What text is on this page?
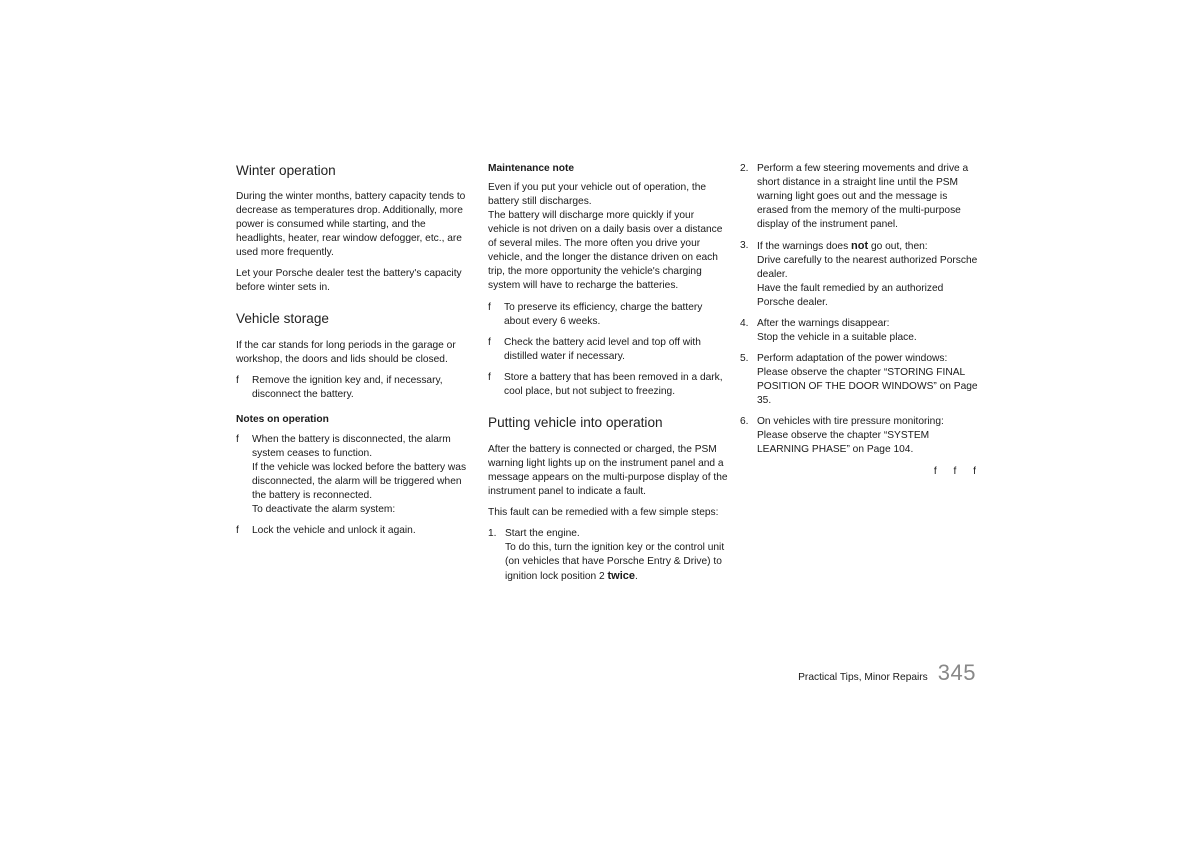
Winter operation

During the winter months, battery capacity tends to decrease as temperatures drop. Additionally, more power is consumed while starting, and the headlights, heater, rear window defogger, etc., are used more frequently.

Let your Porsche dealer test the battery's capacity before winter sets in.

Vehicle storage

If the car stands for long periods in the garage or workshop, the doors and lids should be closed.

f Remove the ignition key and, if necessary, disconnect the battery.
Notes on operation
f When the battery is disconnected, the alarm system ceases to function.
If the vehicle was locked before the battery was disconnected, the alarm will be triggered when the battery is reconnected.
To deactivate the alarm system:
f Lock the vehicle and unlock it again.
Maintenance note
Even if you put your vehicle out of operation, the battery still discharges.
The battery will discharge more quickly if your vehicle is not driven on a daily basis over a distance of several miles. The more often you drive your vehicle, and the longer the distance driven on each trip, the more opportunity the vehicle's charging system will have to recharge the batteries.
f To preserve its efficiency, charge the battery about every 6 weeks.
f Check the battery acid level and top off with distilled water if necessary.
f Store a battery that has been removed in a dark, cool place, but not subject to freezing.
Putting vehicle into operation

After the battery is connected or charged, the PSM warning light lights up on the instrument panel and a message appears on the multi-purpose display of the instrument panel to indicate a fault.

This fault can be remedied with a few simple steps:

1. Start the engine.
To do this, turn the ignition key or the control unit (on vehicles that have Porsche Entry & Drive) to ignition lock position 2 twice.
2. Perform a few steering movements and drive a short distance in a straight line until the PSM warning light goes out and the message is erased from the memory of the multi-purpose display of the instrument panel.
3. If the warnings does not go out, then:
Drive carefully to the nearest authorized Porsche dealer.
Have the fault remedied by an authorized Porsche dealer.
4. After the warnings disappear:
Stop the vehicle in a suitable place.
5. Perform adaptation of the power windows:
Please observe the chapter “STORING FINAL POSITION OF THE DOOR WINDOWS” on Page 35.
6. On vehicles with tire pressure monitoring:
Please observe the chapter “SYSTEM LEARNING PHASE” on Page 104.
f f f
Practical Tips, Minor Repairs 345
